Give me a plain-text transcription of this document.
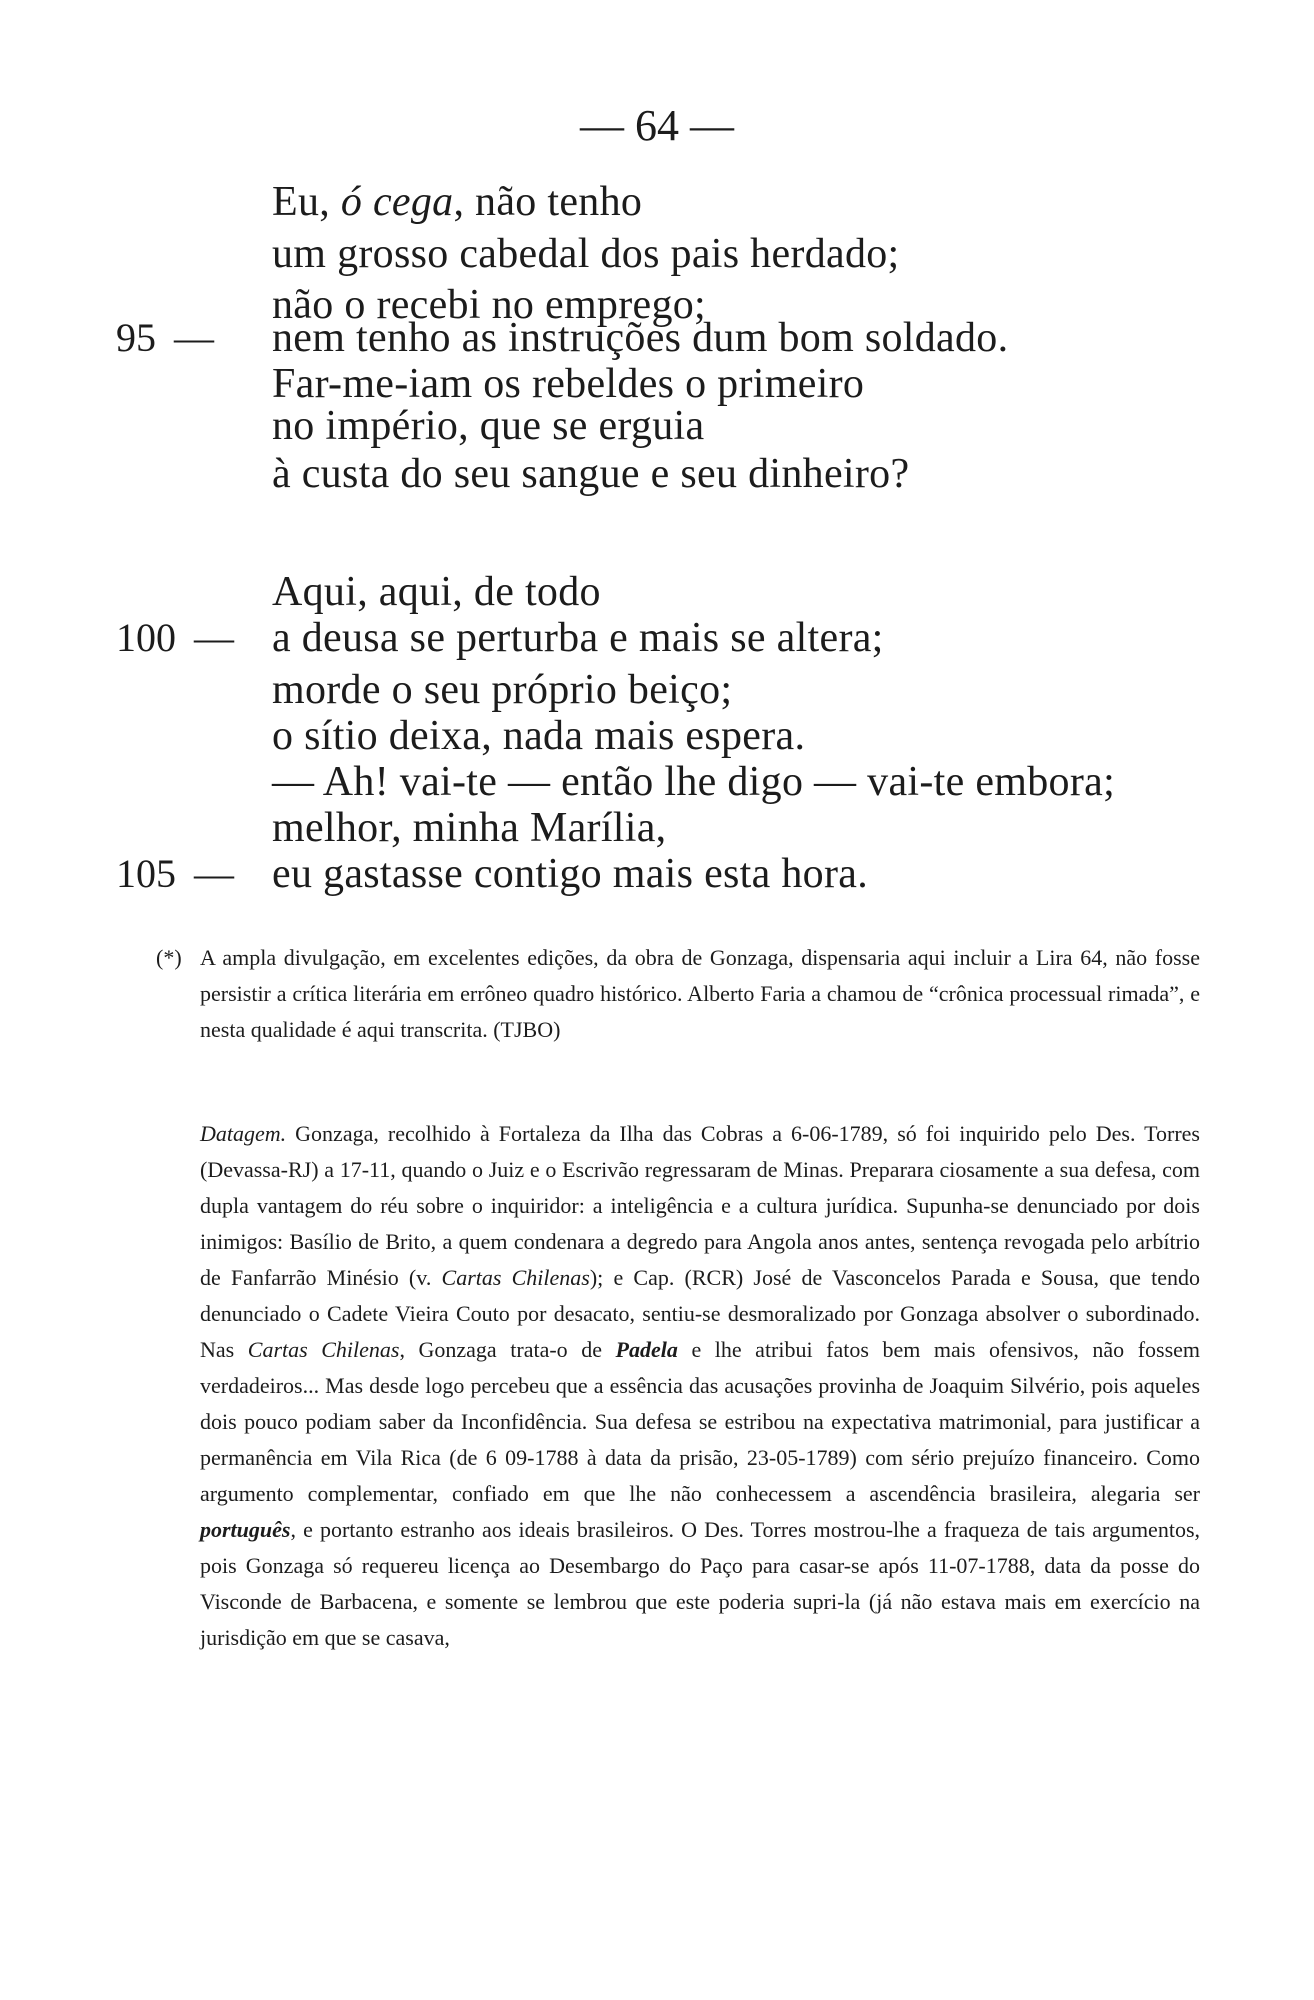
— 64 —
Eu, ó cega, não tenho
um grosso cabedal dos pais herdado;
não o recebi no emprego;
95 — nem tenho as instruções dum bom soldado.
Far-me-iam os rebeldes o primeiro
no império, que se erguia
à custa do seu sangue e seu dinheiro?
Aqui, aqui, de todo
100 — a deusa se perturba e mais se altera;
morde o seu próprio beiço;
o sítio deixa, nada mais espera.
— Ah! vai-te — então lhe digo — vai-te embora;
melhor, minha Marília,
105 — eu gastasse contigo mais esta hora.
(*) A ampla divulgação, em excelentes edições, da obra de Gonzaga, dispensaria aqui incluir a Lira 64, não fosse persistir a crítica literária em errôneo quadro histórico. Alberto Faria a chamou de “crônica processual rimada”, e nesta qualidade é aqui transcrita. (TJBO)

Datagem. Gonzaga, recolhido à Fortaleza da Ilha das Cobras a 6-06-1789, só foi inquirido pelo Des. Torres (Devassa-RJ) a 17-11, quando o Juiz e o Escrivão regressaram de Minas. Preparara ciosamente a sua defesa, com dupla vantagem do réu sobre o inquiridor: a inteligência e a cultura jurídica. Supunha-se denunciado por dois inimigos: Basílio de Brito, a quem condenara a degredo para Angola anos antes, sentença revogada pelo arbítrio de Fanfarrão Minésio (v. Cartas Chilenas); e Cap. (RCR) José de Vasconcelos Parada e Sousa, que tendo denunciado o Cadete Vieira Couto por desacato, sentiu-se desmoralizado por Gonzaga absolver o subordinado. Nas Cartas Chilenas, Gonzaga trata-o de Padela e lhe atribui fatos bem mais ofensivos, não fossem verdadeiros... Mas desde logo percebeu que a essência das acusações provinha de Joaquim Silvério, pois aqueles dois pouco podiam saber da Inconfidência. Sua defesa se estribou na expectativa matrimonial, para justificar a permanência em Vila Rica (de 6 09-1788 à data da prisão, 23-05-1789) com sério prejuízo financeiro. Como argumento complementar, confiado em que lhe não conhecessem a ascendência brasileira, alegaria ser português, e portanto estranho aos ideais brasileiros. O Des. Torres mostrou-lhe a fraqueza de tais argumentos, pois Gonzaga só requereu licença ao Desembargo do Paço para casar-se após 11-07-1788, data da posse do Visconde de Barbacena, e somente se lembrou que este poderia supri-la (já não estava mais em exercício na jurisdição em que se casava,
